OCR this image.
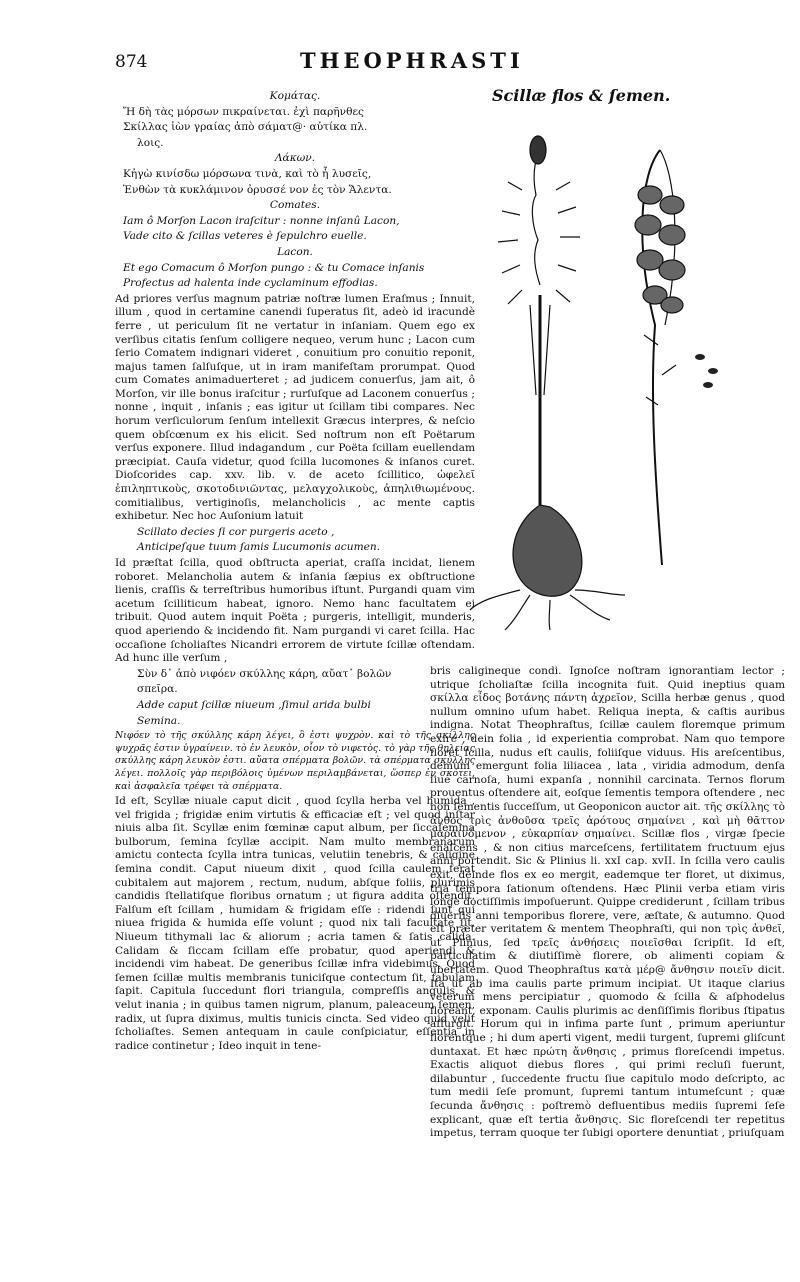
874	THEOPHRASTI

Κομάτας.

Ἤ δὴ τὰς μόρσων πικραίνεται. ἐχὶ παρῆνθες

Σκίλλας ἰὼν γραίας ἀπὸ σάματ@· αὐτίκα πλ.

λοις.

Λάκων.

Κἠγὼ κινίσδω μόρσωνα τινὰ, καὶ τὸ ἧ λυσεῖς,

Ἐνθὼν τὰ κυκλάμινον ὀρυσσέ νον ἐς τὸν Ἄλεντα.

Comates.

Iam ô Morſon Lacon iraſcitur : nonne inſanû Lacon,

Vade cito & ſcillas veteres è ſepulchro euelle.

Lacon.

Et ego Comacum ô Morſon pungo : & tu Comace inſanis

Profectus ad halenta inde cyclaminum effodias.

Ad priores verſus magnum patriæ noſtræ lumen Eraſmus ; Innuit, illum , quod in certamine canendi ſuperatus ſit, adeò id iracundè ferre , ut periculum ſit ne vertatur in inſaniam. Quem ego ex verſibus citatis ſenſum colligere nequeo, verum hunc ; Lacon cum ſerio Comatem indignari videret , conuitium pro conuitio reponit, majus tamen ſalſuſque, ut in iram manifeſtam prorumpat. Quod cum Comates animaduerteret ; ad judicem conuerſus, jam ait, ô Morſon, vir ille bonus iraſcitur ; rurſuſque ad Laconem conuerſus ; nonne , inquit , inſanis ; eas igitur ut ſcillam tibi compares. Nec horum verſiculorum ſenſum intellexit Græcus interpres, & neſcio quem obſcœnum ex his elicit. Sed noſtrum non eſt Poëtarum verſus exponere. Illud indagandum , cur Poëta ſcillam euellendam præcipiat. Cauſa videtur, quod ſcilla lucomones & inſanos curet. Dioſcorides cap. xxv. lib. v. de aceto ſcillitico, ὠφελεῖ ἐπιληπτικοὺς, σκοτοδινιῶντας, μελαγχολικοὺς, ἀπηλιθιωμένους. comitialibus, vertiginoſis, melancholicis , ac mente captis exhibetur. Nec hoc Auſonium latuit

Scillato decies ſi cor purgeris aceto ,

Anticipeſque tuum ſamis Lucumonis acumen.

Id præſtat ſcilla, quod obſtructa aperiat, craſſa incidat, lienem roboret. Melancholia autem & inſania ſæpius ex obſtructione lienis, craſſis & terreſtribus humoribus iſtunt. Purgandi quam vim acetum ſcilliticum habeat, ignoro. Nemo hanc facultatem ei tribuit. Quod autem inquit Poëta ; purgeris, intelligit, munderis, quod aperiendo & incidendo fit. Nam purgandi vi caret ſcilla. Hac occaſione ſcholiaſtes Nicandri errorem de virtute ſcillæ oſtendam. Ad hunc ille verſum ,

Σὺν δ᾽ ἀπὸ νιφόεν σκύλλης κάρη, αὔατ᾽ βολῶν

σπεῖρα.

Adde caput ſcillæ niueum ,ſimul arida bulbi

Semina.

Νιφόεν τὸ τῆς σκύλλης κάρη λέγει, ὃ ἐστι ψυχρὸν. καὶ τὸ τῆς σκίλλης ψυχρᾶς ἐστιν ὑγραίνειν. τὸ ἐν λευκὸν, οἷον τὸ νιφετὸς. τὸ γὰρ τῆς θηλείας σκύλλης κάρη λευκὸν ἐστι. αὔατα σπέρματα βολῶν. τὰ σπέρματα σκύλλης λέγει. πολλοῖς γὰρ περιβόλοις ὑμένων περιλαμβάνεται, ὥσπερ ἐν σκότει, καὶ ἀσφαλεῖα τρέφει τὰ σπέρματα.

Id eſt, Scyllæ niuale caput dicit , quod ſcylla herba vel humida , vel frigida ; frigidæ enim virtutis & efficaciæ eſt ; vel quod inſtar niuis alba ſit. Scyllæ enim fœminæ caput album, per ſiccaſemina bulborum, ſemina ſcyllæ accipit. Nam multo membranarum amictu contecta ſcylla intra tunicas, velutiin tenebris, & caligine ſemina condit. Caput niueum dixit , quod ſcilla caulem ferat cubitalem aut majorem , rectum, nudum, abſque foliis, plurimis candidis ſtellatiſque floribus ornatum ; ut figura addita oſtendit. Falſum eſt ſcillam , humidam & frigidam eſſe : ridendi ſunt qui niuea frigida & humida eſſe volunt ; quod nix tali facultate ſit. Niueum tithymali lac & aliorum ; acria tamen & ſatis calida. Calidam & ſiccam ſcillam eſſe probatur, quod aperiendi & incidendi vim habeat. De generibus ſcillæ infra videbimus. Quod ſemen ſcillæ multis membranis tuniciſque contectum ſit, fabulam ſapit. Capitula ſuccedunt flori triangula, compreſſis angulis, & velut inania ; in quibus tamen nigrum, planum, paleaceum ſemen, radix, ut ſupra diximus, multis tunicis cincta. Sed video quid velit ſcholiaſtes. Semen antequam in caule conſpiciatur, eſſentia in radice continetur ; Ideo inquit in tene-

bris caligineque condi. Ignoſce noſtram ignorantiam lector ; utrique ſcholiaſtæ ſcilla incognita fuit. Quid ineptius quam σκίλλα εἶδος βοτάνης πάντη ἀχρεῖον, Scilla herbæ genus , quod nullum omnino uſum habet. Reliqua inepta, & caſtis auribus indigna. Notat Theophraſtus, ſcillæ caulem floremque primum exire , dein folia , id experientia comprobat. Nam quo tempore floret ſcilla, nudus eſt caulis, foliiſque viduus. His areſcentibus, demum emergunt folia liliacea , lata , viridia admodum, denſa ſiue carnoſa, humi expanſa , nonnihil carcinata. Ternos florum prouentus oſtendere ait, eoſque ſementis tempora oſtendere , nec non ſementis ſucceſſum, ut Geoponicon auctor ait. τῆς σκίλλης τὸ ἄνθος τρὶς ἀνθοῦσα τρεῖς ἀρότους σημαίνει , καὶ μὴ θᾶττον μαραινόμενον , εὐκαρπίαν σημαίνει. Scillæ flos , virgæ ſpecie enaſcens , & non citius marceſcens, fertilitatem fructuum ejus anni portendit. Sic & Plinius li. xxI cap. xvII. In ſcilla vero caulis exit, deinde flos ex eo mergit, eademque ter floret, ut diximus, tria tempora ſationum oſtendens. Hæc Plinii verba etiam viris longè doctiſſimis impoſuerunt. Quippe crediderunt , ſcillam tribus diuerſis anni temporibus florere, vere, æſtate, & autumno. Quod eſt præter veritatem & mentem Theophraſti, qui non τρὶς ἀνθεῖ, ut Plinius, ſed τρεῖς ἀνθήσεις ποιεῖσθαι ſcripſit. Id eſt, particulatim & diutiſſimè florere, ob alimenti copiam & ubertatem. Quod Theophraſtus κατὰ μέρ@ ἄνθησιν ποιεῖν dicit. Ita ut ab ima caulis parte primum incipiat. Ut itaque clarius veterum mens percipiatur , quomodo & ſcilla & aſphodelus floreant, exponam. Caulis plurimis ac denſiſſimis floribus ſtipatus aſſurgit. Horum qui in infima parte ſunt , primum aperiuntur florentque ; hi dum aperti vigent, medii turgent, ſupremi gliſcunt duntaxat. Et hæc πρώτη ἄνθησις , primus floreſcendi impetus. Exactis aliquot diebus flores , qui primi recluſi fuerunt, dilabuntur , ſuccedente fructu ſiue capitulo modo deſcripto, ac tum medii ſeſe promunt, ſupremi tantum intumeſcunt ; quæ ſecunda ἄνθησις : poſtremò defluentibus mediis ſupremi ſeſe explicant, quæ eſt tertia ἄνθησις. Sic floreſcendi ter repetitus impetus, terram quoque ter ſubigi oportere denuntiat , priuſquam

Scillæ flos & ſemen.
